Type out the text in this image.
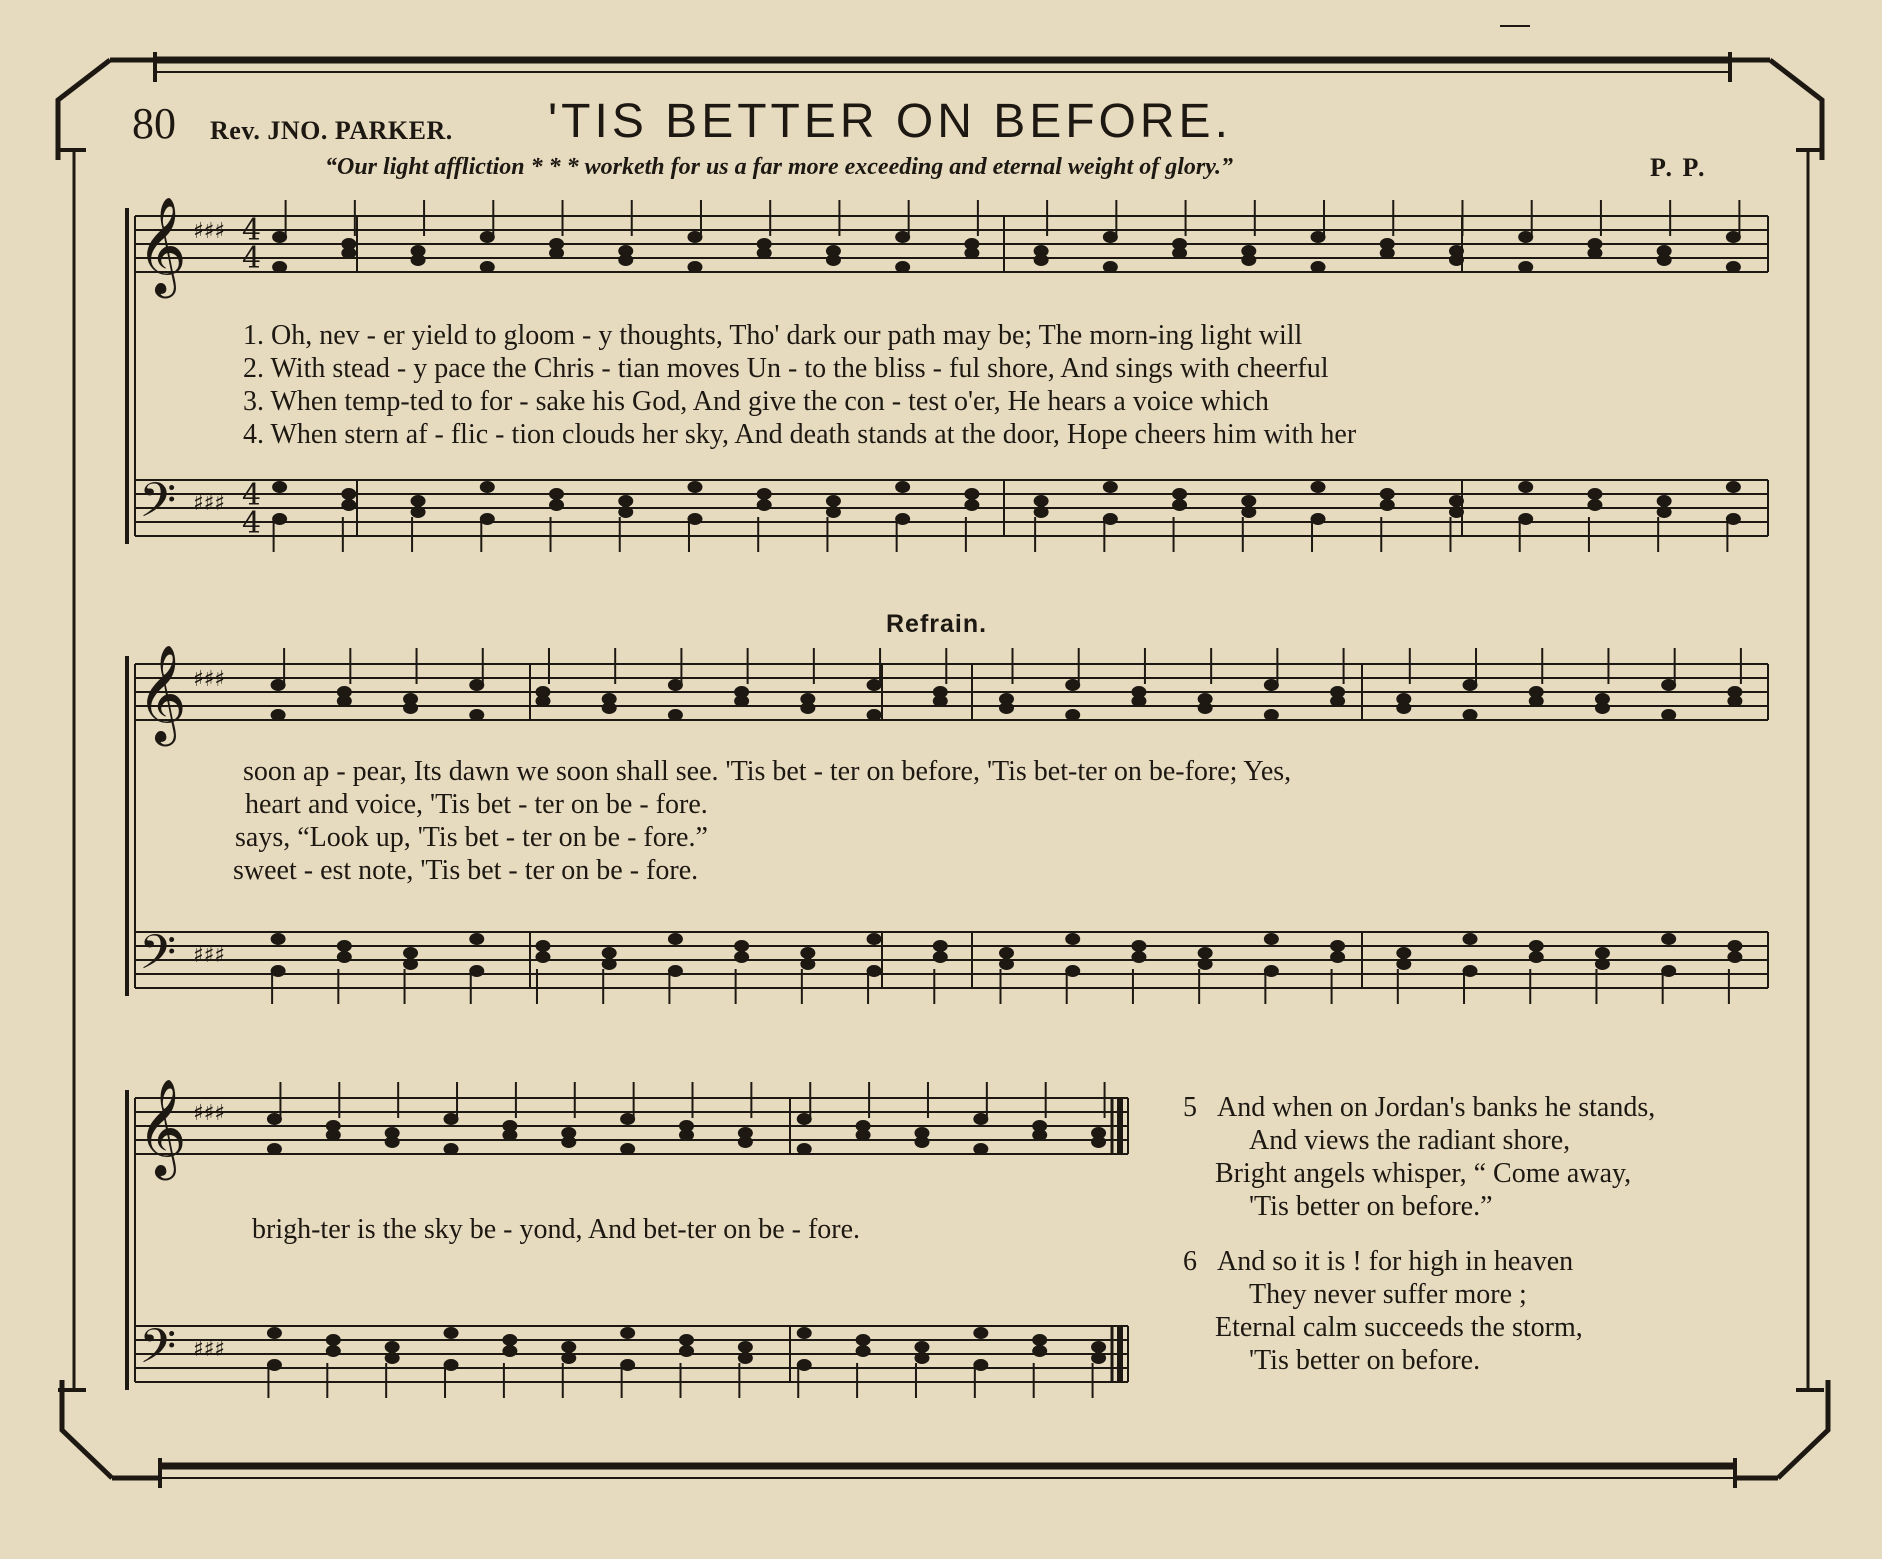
80 Rev. JNO. PARKER. 'TIS BETTER ON BEFORE.
“Our light affliction * * * worketh for us a far more exceeding and eternal weight of glory.”	P. P.
𝄞
𝄢
♯♯♯
♯♯♯
𝄞
𝄢
♯♯♯
♯♯♯
𝄞
𝄢
♯♯♯
♯♯♯
4
4
4
4
1. Oh, nev - er yield to gloom - y thoughts, Tho' dark our path may be; The morn-ing light will
2. With stead - y pace the Chris - tian moves Un - to the bliss - ful shore, And sings with cheerful
3. When temp-ted to for - sake his God, And give the con - test o'er, He hears a voice which
4. When stern af - flic - tion clouds her sky, And death stands at the door, Hope cheers him with her
Refrain.
soon ap - pear, Its dawn we soon shall see. 'Tis bet - ter on before, 'Tis bet-ter on be-fore; Yes,
heart and voice, 'Tis bet - ter on be - fore.
says, “Look up, 'Tis bet - ter on be - fore.”
sweet - est note, 'Tis bet - ter on be - fore.
brigh-ter is the sky be - yond, And bet-ter on be - fore.
5 And when on Jordan's banks he stands,
And views the radiant shore,
Bright angels whisper, “ Come away,
'Tis better on before.”
6 And so it is ! for high in heaven
They never suffer more ;
Eternal calm succeeds the storm,
'Tis better on before.
